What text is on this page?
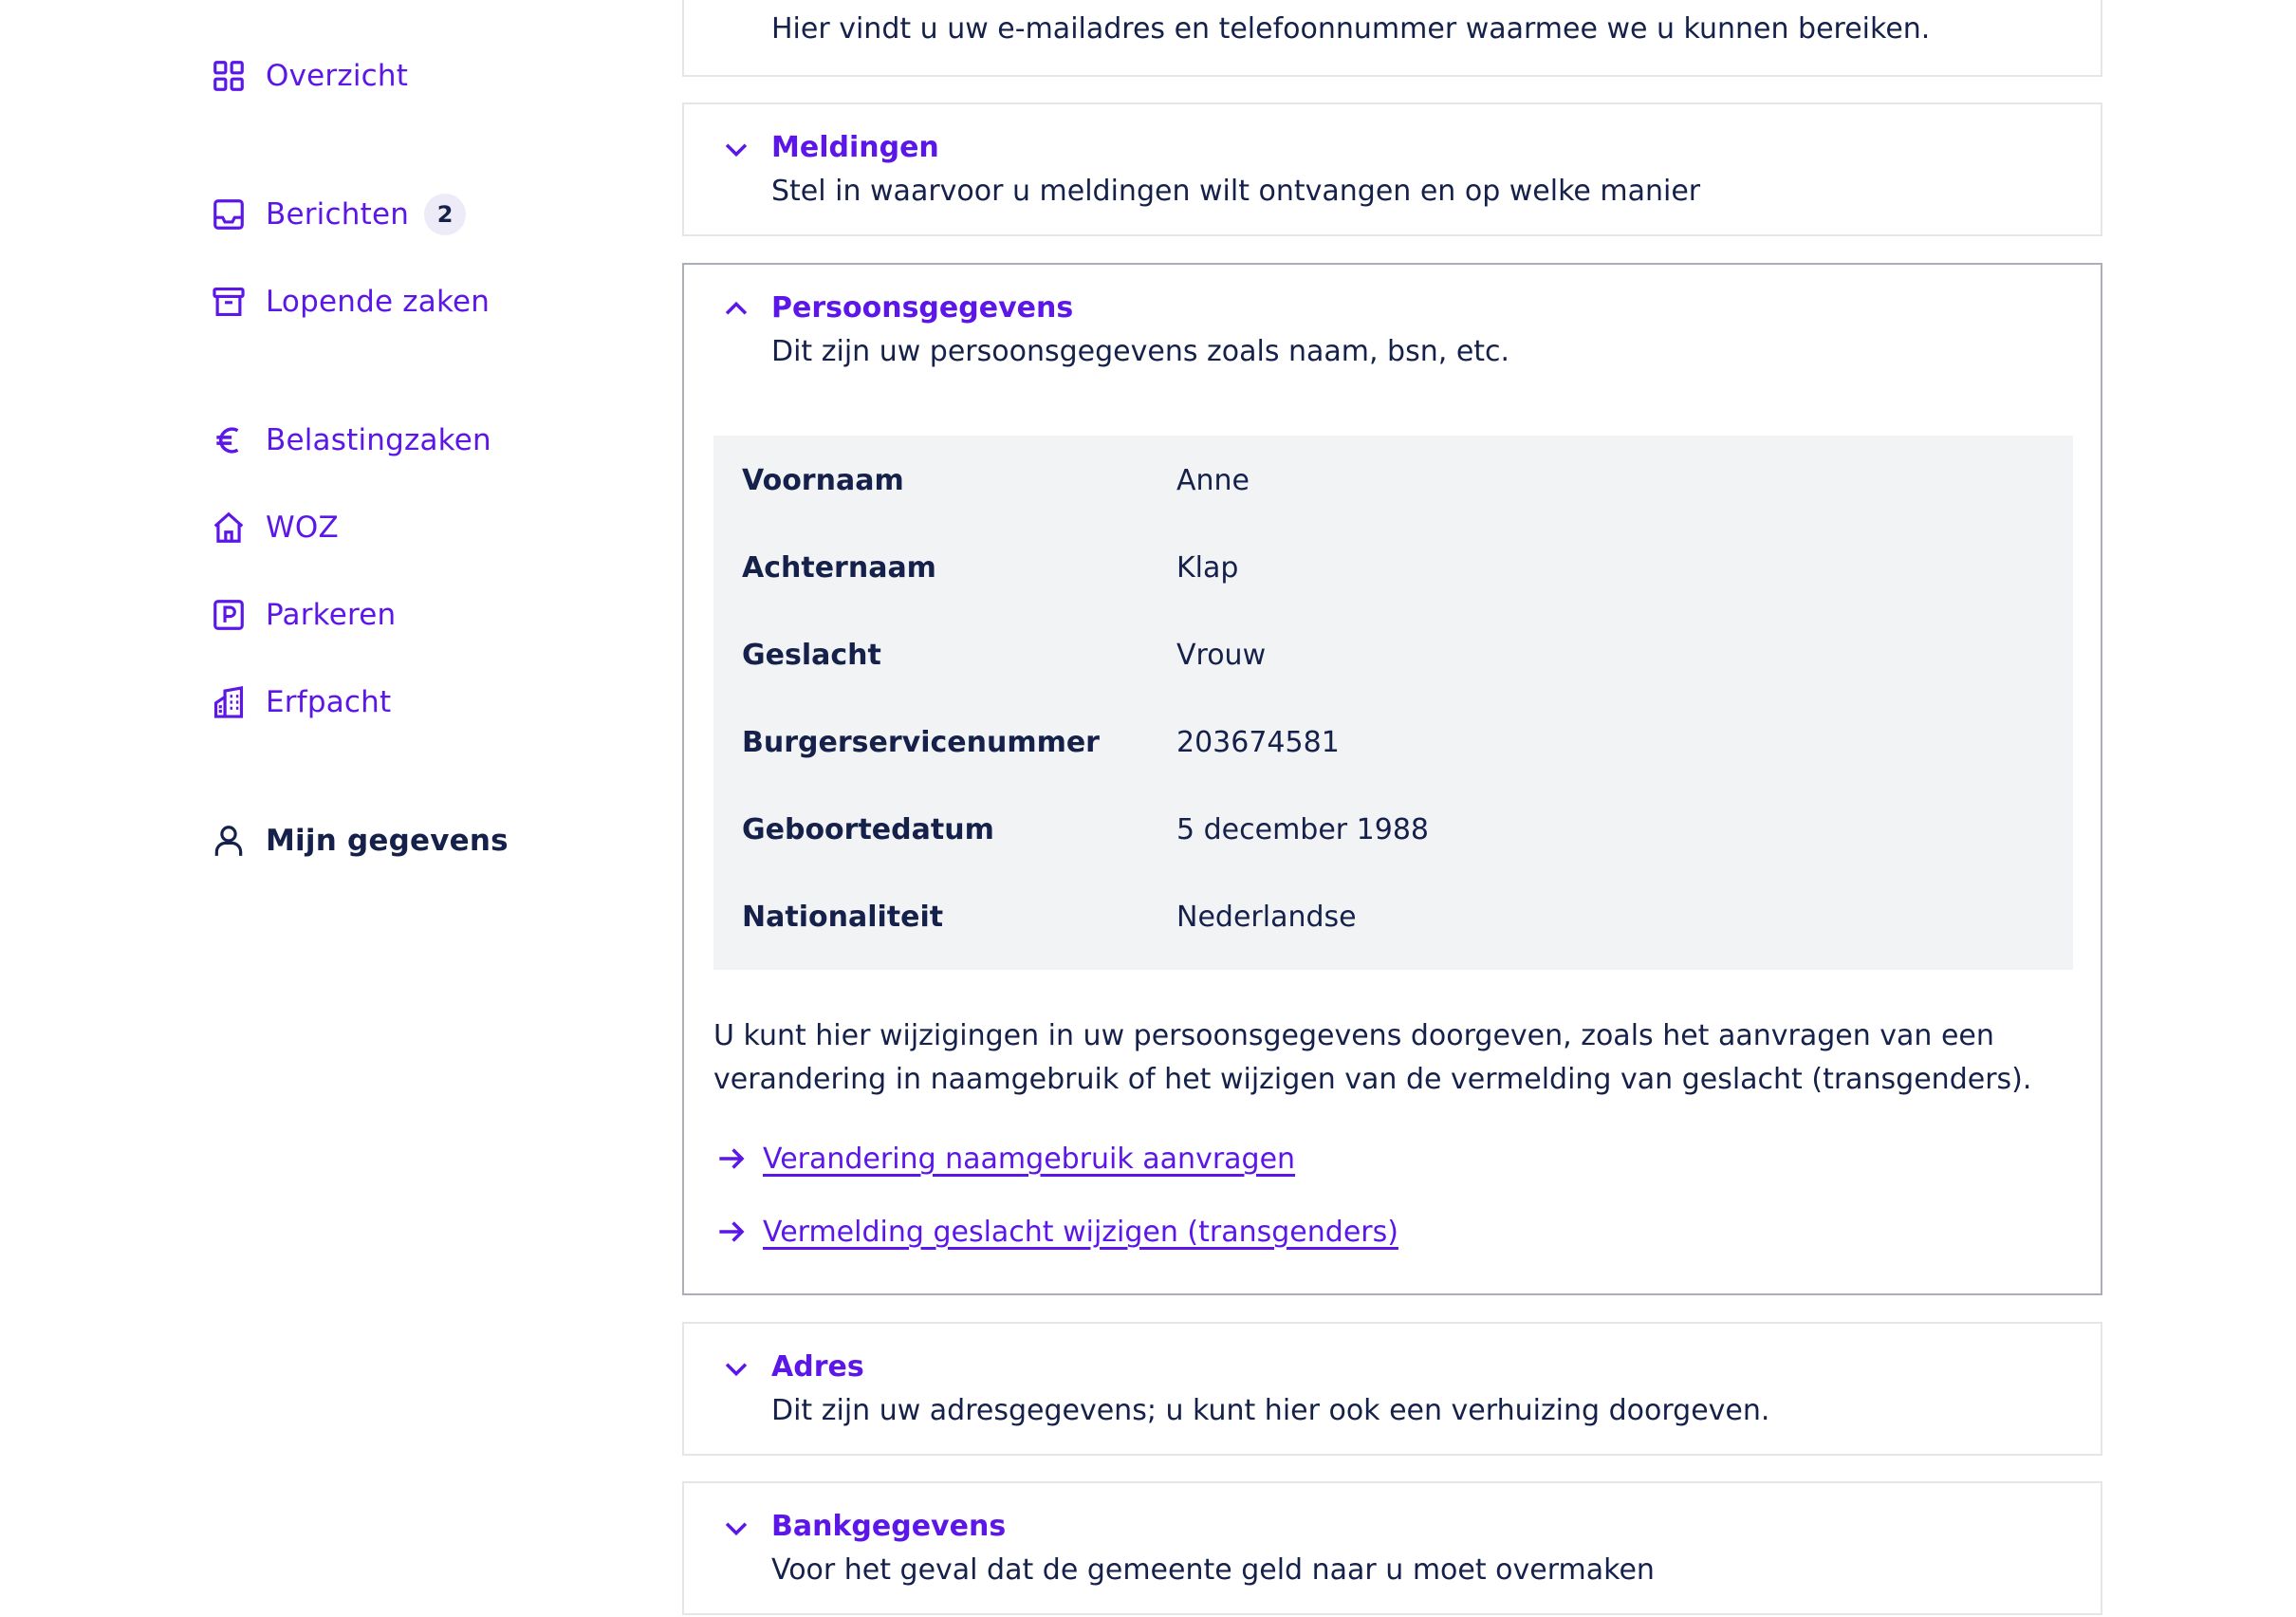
Overzicht
Berichten	2
Lopende zaken
Belastingzaken
WOZ
Parkeren
Erfpacht
Mijn gegevens
Hier vindt u uw e-mailadres en telefoonnummer waarmee we u kunnen bereiken.
Meldingen
Stel in waarvoor u meldingen wilt ontvangen en op welke manier
Persoonsgegevens
Dit zijn uw persoonsgegevens zoals naam, bsn, etc.
Voornaam	Anne
Achternaam	Klap
Geslacht	Vrouw
Burgerservicenummer	203674581
Geboortedatum	5 december 1988
Nationaliteit	Nederlandse

U kunt hier wijzigingen in uw persoonsgegevens doorgeven, zoals het aanvragen van een verandering in naamgebruik of het wijzigen van de vermelding van geslacht (transgenders).

Verandering naamgebruik aanvragen
Vermelding geslacht wijzigen (transgenders)
Adres
Dit zijn uw adresgegevens; u kunt hier ook een verhuizing doorgeven.
Bankgegevens
Voor het geval dat de gemeente geld naar u moet overmaken
